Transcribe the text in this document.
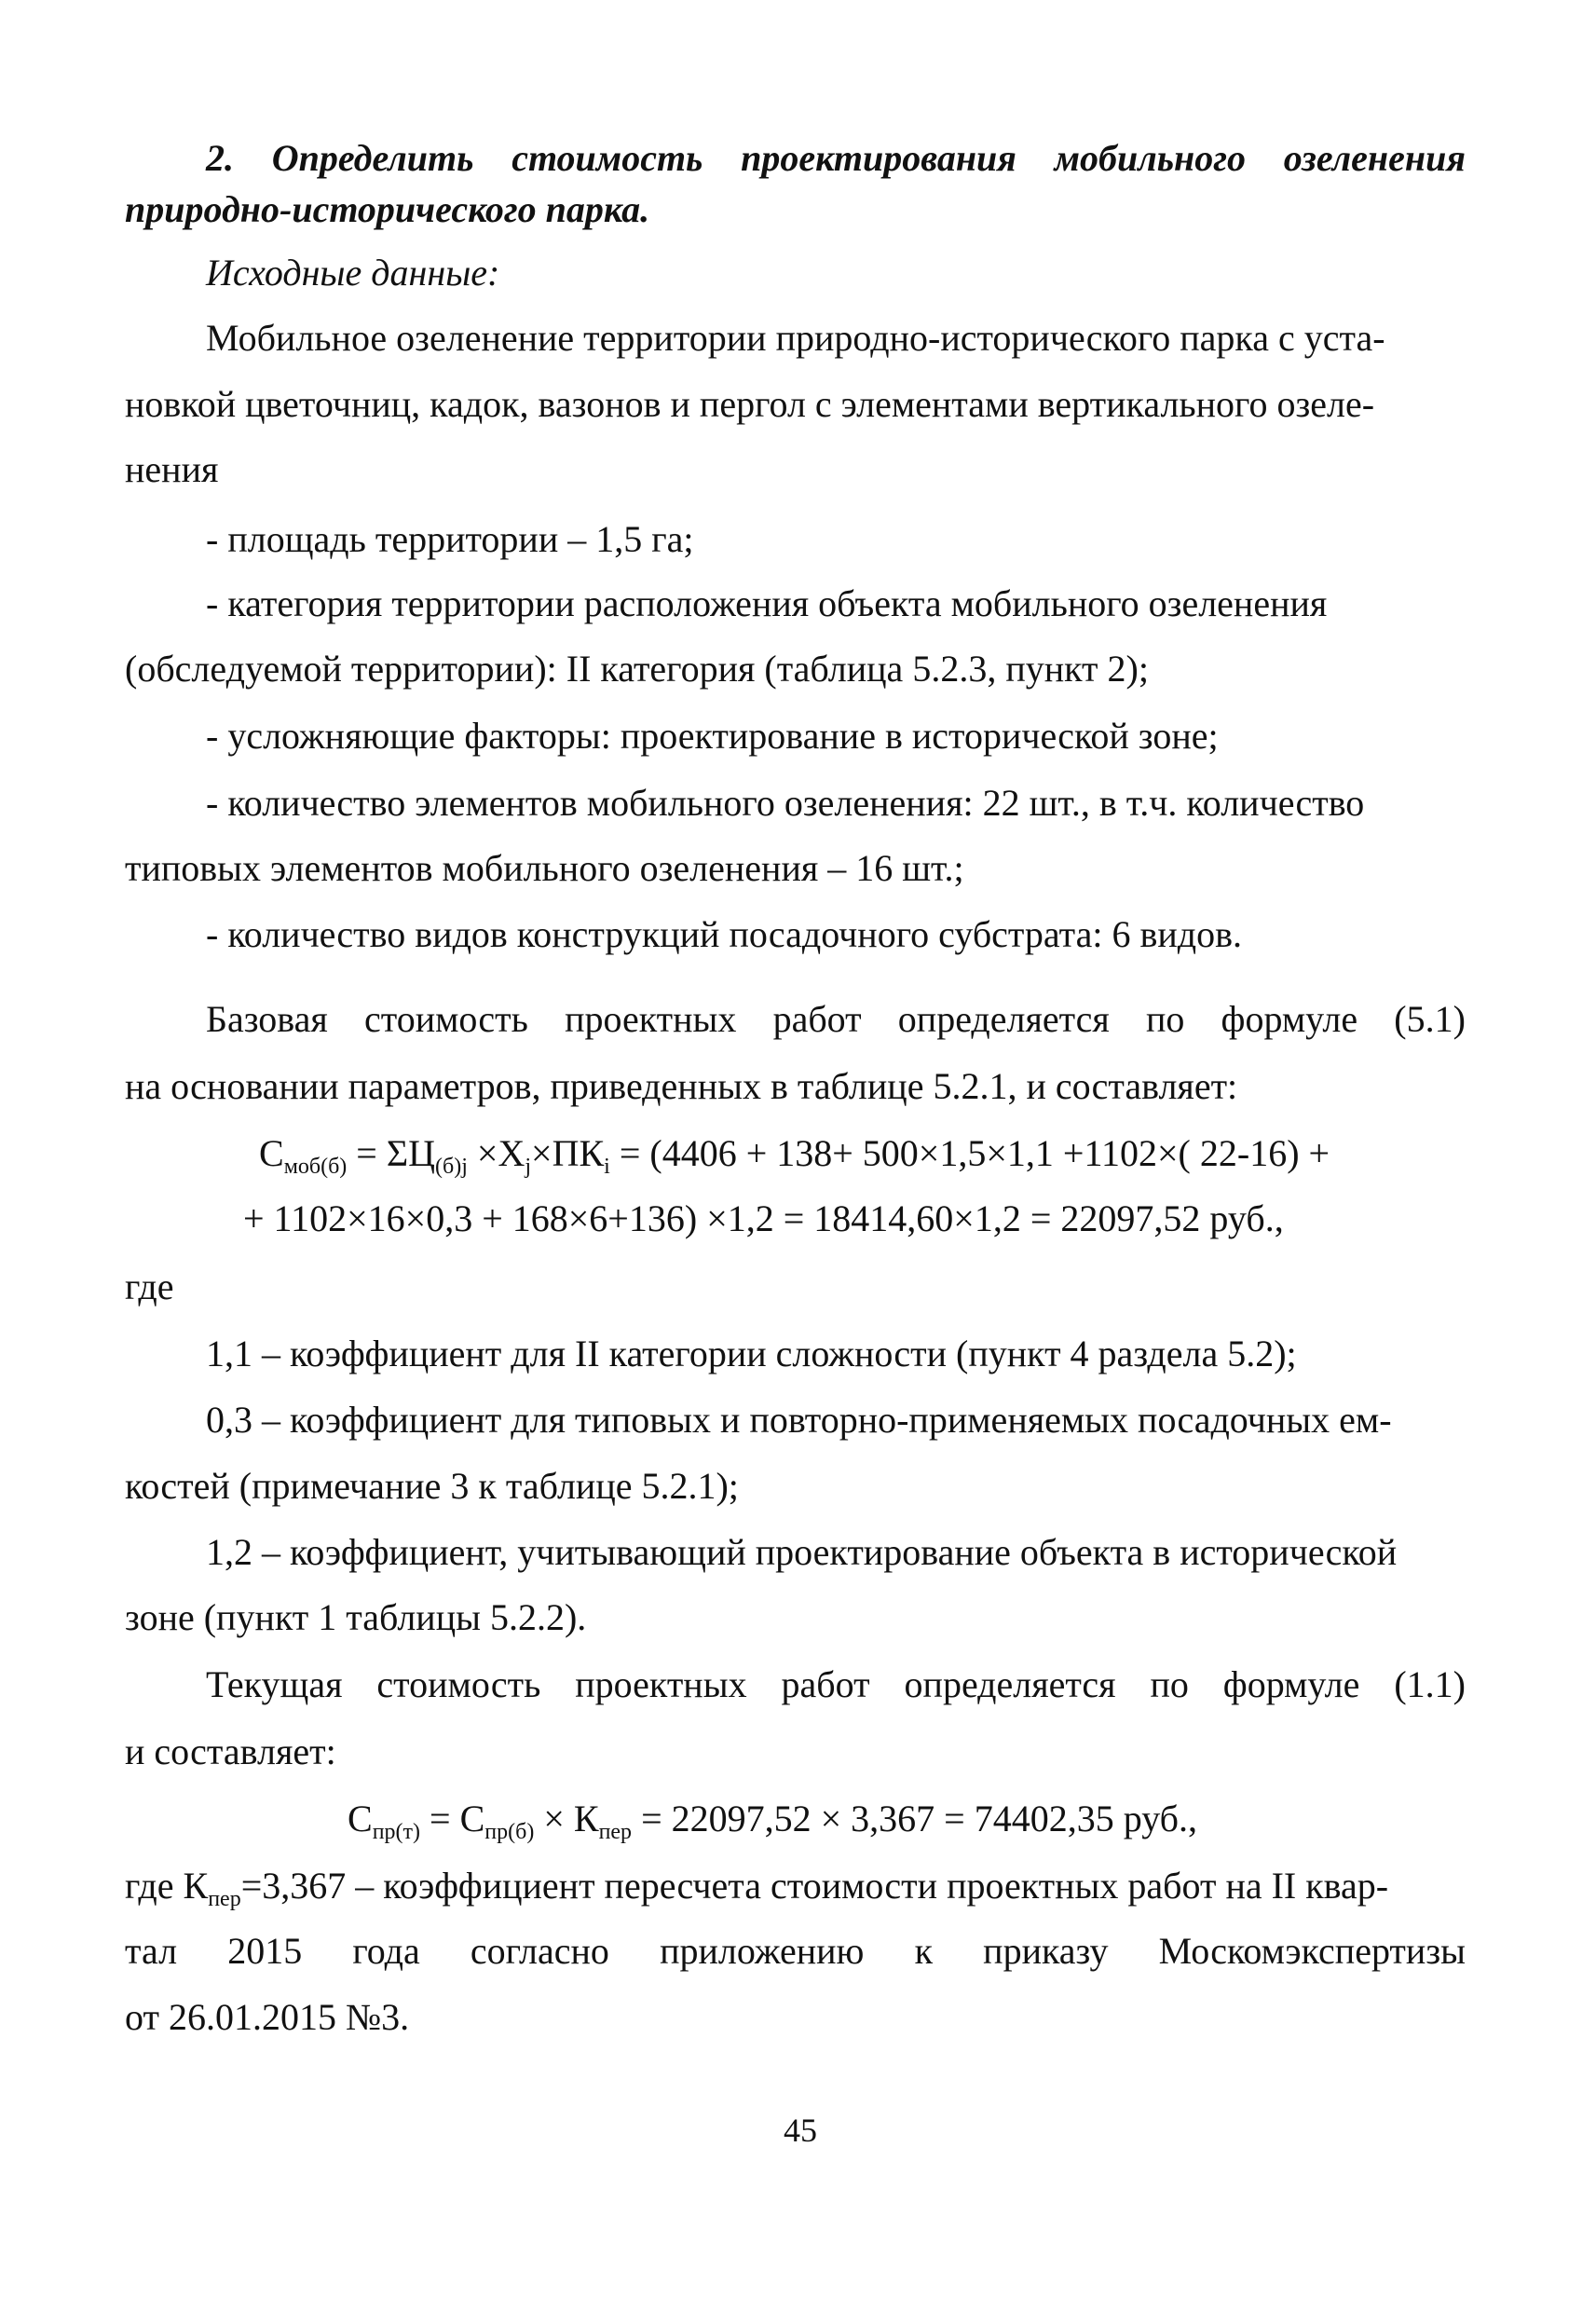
2. Определить стоимость проектирования мобильного озеленения
природно-исторического парка.
Исходные данные:
Мобильное озеленение территории природно-исторического парка с уста-
новкой цветочниц, кадок, вазонов и пергол с элементами вертикального озеле-
нения
- площадь территории – 1,5 га;
- категория территории расположения объекта мобильного озеленения
(обследуемой территории): II категория (таблица 5.2.3, пункт 2);
- усложняющие факторы: проектирование в исторической зоне;
- количество элементов мобильного озеленения: 22 шт., в т.ч. количество
типовых элементов мобильного озеленения – 16 шт.;
- количество видов конструкций посадочного субстрата: 6 видов.
Базовая стоимость проектных работ определяется по формуле (5.1)
на основании параметров, приведенных в таблице 5.2.1, и составляет:
$С_{моб(б)} = \Sigma Ц_{(б)j} \times X_j\times ПК_i = (4406 + 138+ 500\times 1,5\times 1,1 +1102\times$( 22-16) +
+ 1102×16×0,3 + 168×6+136) ×1,2 = 18414,60×1,2 = 22097,52 руб.,
где
1,1 – коэффициент для II категории сложности (пункт 4 раздела 5.2);
0,3 – коэффициент для типовых и повторно-применяемых посадочных ем-
костей (примечание 3 к таблице 5.2.1);
1,2 – коэффициент, учитывающий проектирование объекта в исторической
зоне (пункт 1 таблицы 5.2.2).
Текущая стоимость проектных работ определяется по формуле (1.1)
и составляет:
$С_{пр(т)} = С_{пр(б)} \times К_{пер} = 22097,52 \times 3,367 = 74402,35$ руб.,
где $К_{пер}=3,367$ – коэффициент пересчета стоимости проектных работ на II квар-
тал 2015 года согласно приложению к приказу Москомэкспертизы
от 26.01.2015 №3.
45
